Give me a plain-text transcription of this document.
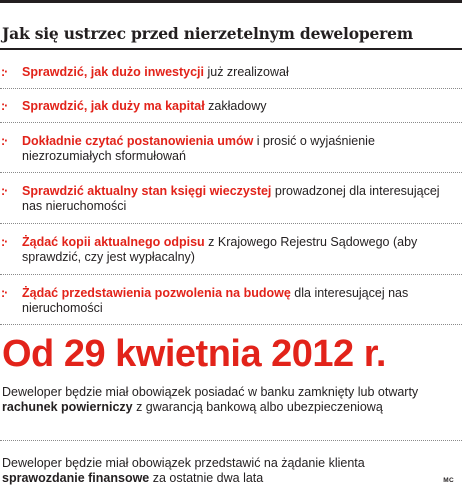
Jak się ustrzec przed nierzetelnym deweloperem
:· Sprawdzić, jak dużo inwestycji już zrealizował
:· Sprawdzić, jak duży ma kapitał zakładowy
:· Dokładnie czytać postanowienia umów i prosić o wyjaśnienie niezrozumiałych sformułowań
:· Sprawdzić aktualny stan księgi wieczystej prowadzonej dla interesującej nas nieruchomości
:· Żądać kopii aktualnego odpisu z Krajowego Rejestru Sądowego (aby sprawdzić, czy jest wypłacalny)
:· Żądać przedstawienia pozwolenia na budowę dla interesującej nas nieruchomości
Od 29 kwietnia 2012 r.
Deweloper będzie miał obowiązek posiadać w banku zamknięty lub otwarty rachunek powierniczy z gwarancją bankową albo ubezpieczeniową
Deweloper będzie miał obowiązek przedstawić na żądanie klienta sprawozdanie finansowe za ostatnie dwa lata	MC
